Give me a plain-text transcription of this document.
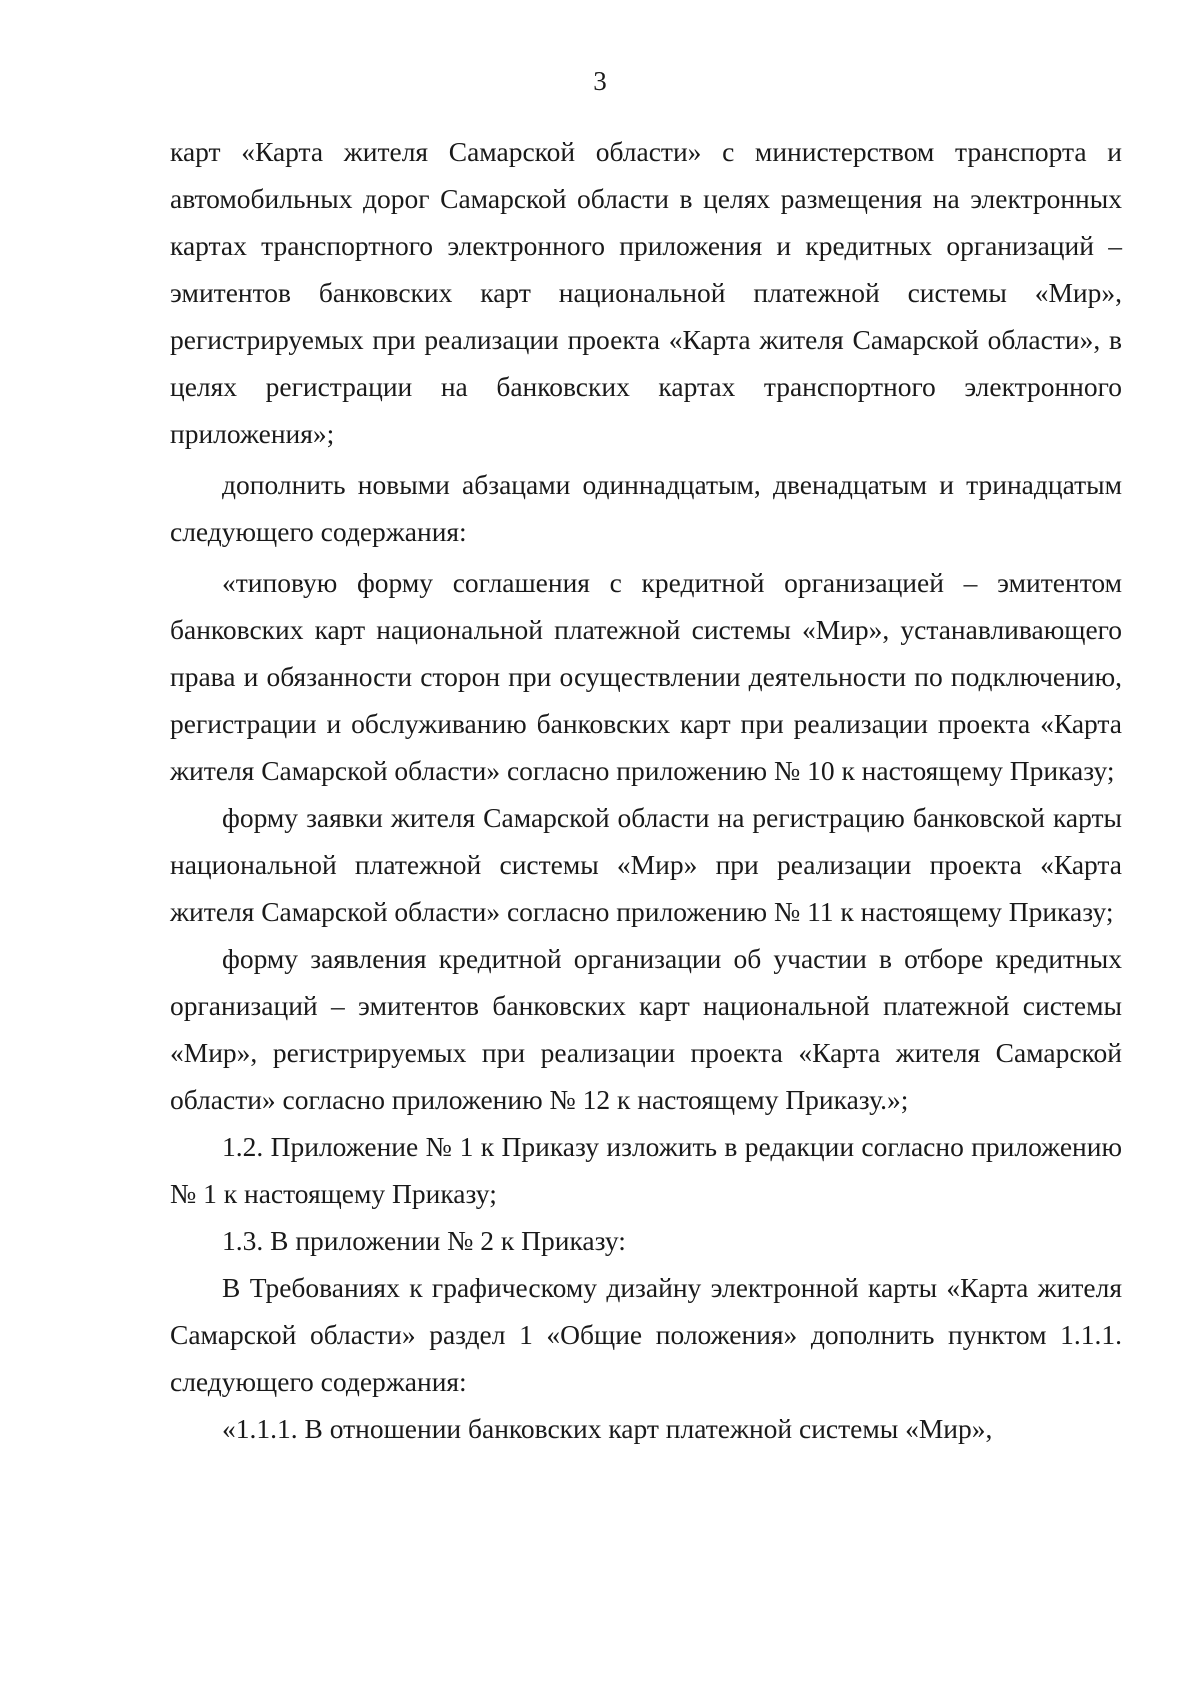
3

карт «Карта жителя Самарской области» с министерством транспорта и автомобильных дорог Самарской области в целях размещения на электронных картах транспортного электронного приложения и кредитных организаций – эмитентов банковских карт национальной платежной системы «Мир», регистрируемых при реализации проекта «Карта жителя Самарской области», в целях регистрации на банковских картах транспортного электронного приложения»;

дополнить новыми абзацами одиннадцатым, двенадцатым и тринадцатым следующего содержания:

«типовую форму соглашения с кредитной организацией – эмитентом банковских карт национальной платежной системы «Мир», устанавливающего права и обязанности сторон при осуществлении деятельности по подключению, регистрации и обслуживанию банковских карт при реализации проекта «Карта жителя Самарской области» согласно приложению № 10 к настоящему Приказу;

форму заявки жителя Самарской области на регистрацию банковской карты национальной платежной системы «Мир» при реализации проекта «Карта жителя Самарской области» согласно приложению № 11 к настоящему Приказу;

форму заявления кредитной организации об участии в отборе кредитных организаций – эмитентов банковских карт национальной платежной системы «Мир», регистрируемых при реализации проекта «Карта жителя Самарской области» согласно приложению № 12 к настоящему Приказу.»;

1.2. Приложение № 1 к Приказу изложить в редакции согласно приложению № 1 к настоящему Приказу;

1.3. В приложении № 2 к Приказу:

В Требованиях к графическому дизайну электронной карты «Карта жителя Самарской области» раздел 1 «Общие положения» дополнить пунктом 1.1.1. следующего содержания:

«1.1.1. В отношении банковских карт платежной системы «Мир»,
